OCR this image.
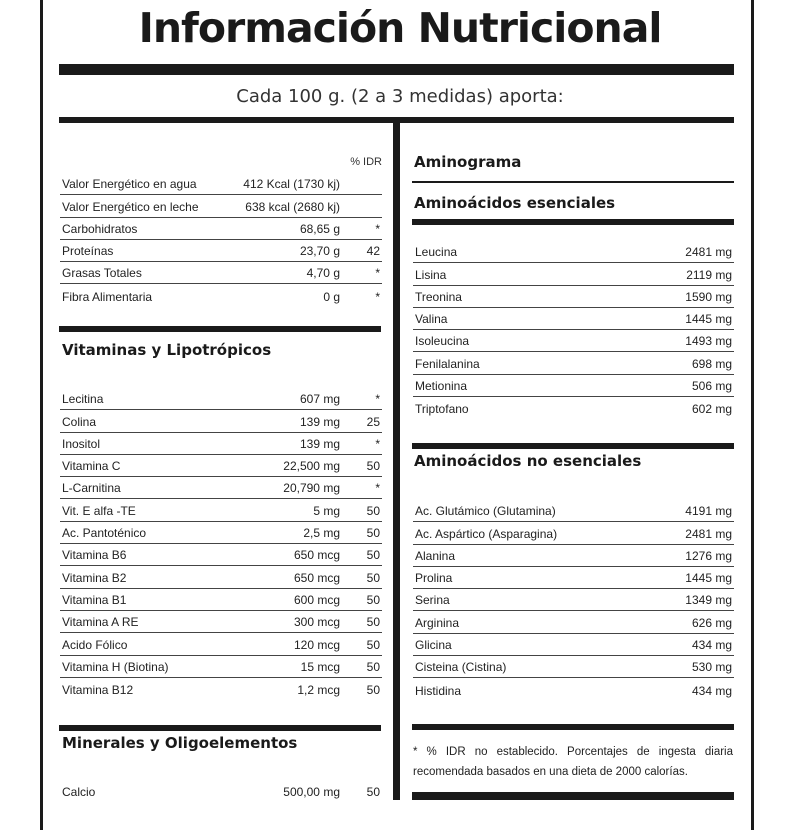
Información Nutricional
Cada 100 g. (2 a 3 medidas) aporta:
% IDR
Valor Energético en agua	412 Kcal (1730 kj)
Valor Energético en leche	638 kcal (2680 kj)
Carbohidratos	68,65 g	*
Proteínas	23,70 g 42
Grasas Totales	4,70 g	*
Fibra Alimentaria	0 g	*
Vitaminas y Lipotrópicos
Lecitina	607 mg	*
Colina	139 mg 25
Inositol	139 mg	*
Vitamina C	22,500 mg 50
L-Carnitina	20,790 mg	*
Vit. E alfa -TE	5 mg 50
Ac. Pantoténico	2,5 mg 50
Vitamina B6	650 mcg 50
Vitamina B2	650 mcg 50
Vitamina B1	600 mcg 50
Vitamina A RE	300 mcg 50
Acido Fólico	120 mcg 50
Vitamina H (Biotina)	15 mcg 50
Vitamina B12	1,2 mcg 50
Minerales y Oligoelementos
Calcio	500,00 mg 50
Aminograma
Aminoácidos esenciales
Leucina	2481 mg
Lisina	2119 mg
Treonina	1590 mg
Valina	1445 mg
Isoleucina	1493 mg
Fenilalanina	698 mg
Metionina	506 mg
Triptofano	602 mg
Aminoácidos no esenciales
Ac. Glutámico (Glutamina)	4191 mg
Ac. Aspártico (Asparagina)	2481 mg
Alanina	1276 mg
Prolina	1445 mg
Serina	1349 mg
Arginina	626 mg
Glicina	434 mg
Cisteina (Cistina)	530 mg
Histidina	434 mg
* % IDR no establecido. Porcentajes de ingesta diaria recomendada basados en una dieta de 2000 calorías.
